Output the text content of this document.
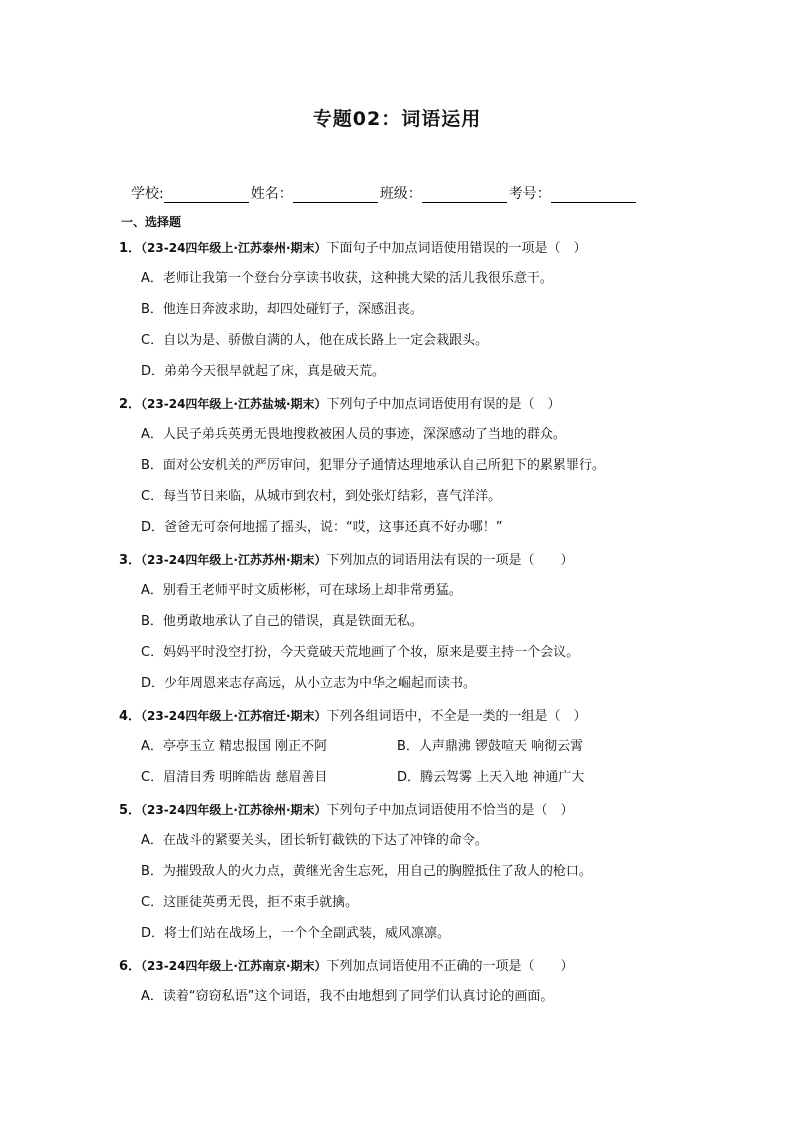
专题02：词语运用
学校:	姓名：	班级：	考号：
一、选择题
1．（23-24四年级上·江苏泰州·期末）下面句子中加点词语使用错误的一项是（　）
A．老师让我第一个登台分享读书收获，这种挑大梁的活儿我很乐意干。
B．他连日奔波求助，却四处碰钉子，深感沮丧。
C．自以为是、骄傲自满的人，他在成长路上一定会栽跟头。
D．弟弟今天很早就起了床，真是破天荒。
2．（23-24四年级上·江苏盐城·期末）下列句子中加点词语使用有误的是（　）
A．人民子弟兵英勇无畏地搜救被困人员的事迹，深深感动了当地的群众。
B．面对公安机关的严厉审问，犯罪分子通情达理地承认自己所犯下的累累罪行。
C．每当节日来临，从城市到农村，到处张灯结彩，喜气洋洋。
D．爸爸无可奈何地摇了摇头，说：“哎，这事还真不好办哪！”
3．（23-24四年级上·江苏苏州·期末）下列加点的词语用法有误的一项是（　　）
A．别看王老师平时文质彬彬，可在球场上却非常勇猛。
B．他勇敢地承认了自己的错误，真是铁面无私。
C．妈妈平时没空打扮，今天竟破天荒地画了个妆，原来是要主持一个会议。
D．少年周恩来志存高远，从小立志为中华之崛起而读书。
4．（23-24四年级上·江苏宿迁·期末）下列各组词语中，不全是一类的一组是（　）
A．亭亭玉立 精忠报国 刚正不阿	B．人声鼎沸 锣鼓喧天 响彻云霄
C．眉清目秀 明眸皓齿 慈眉善目	D．腾云驾雾 上天入地 神通广大
5．（23-24四年级上·江苏徐州·期末）下列句子中加点词语使用不恰当的是（　）
A．在战斗的紧要关头，团长斩钉截铁的下达了冲锋的命令。
B．为摧毁敌人的火力点，黄继光舍生忘死，用自己的胸膛抵住了敌人的枪口。
C．这匪徒英勇无畏，拒不束手就擒。
D．将士们站在战场上，一个个全副武装，威风凛凛。
6．（23-24四年级上·江苏南京·期末）下列加点词语使用不正确的一项是（　　）
A．读着“窃窃私语”这个词语，我不由地想到了同学们认真讨论的画面。
